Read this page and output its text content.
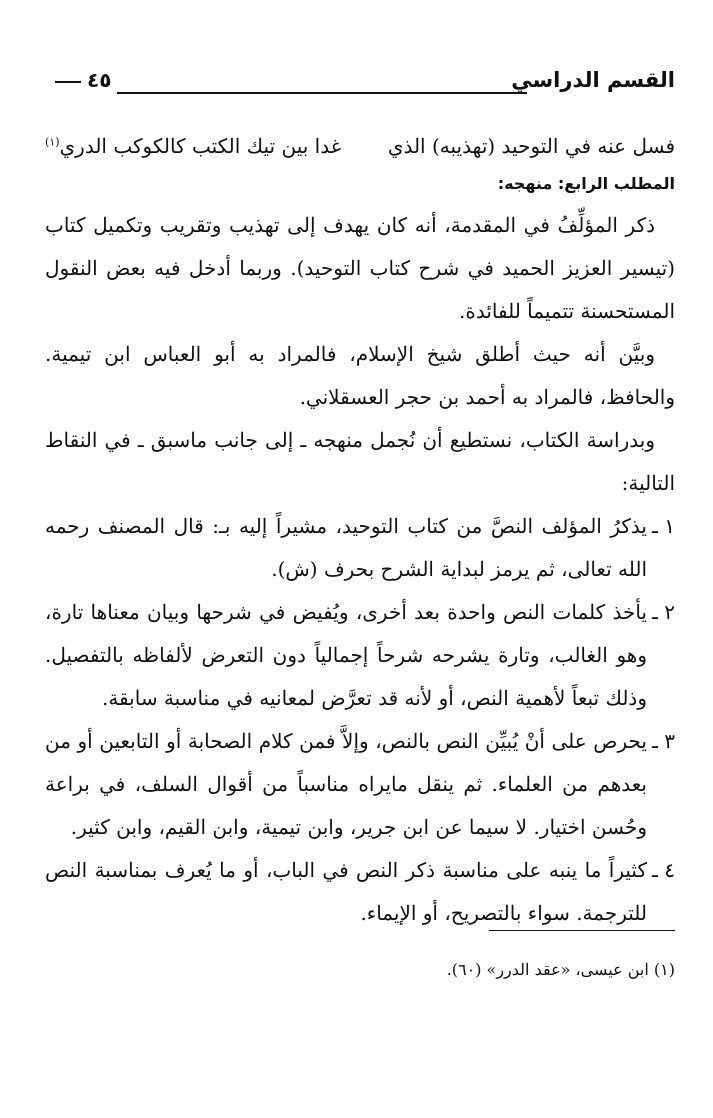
القسم الدراسي
٤٥
فسل عنه في التوحيد (تهذيبه) الذي
غدا بين تيك الكتب كالكوكب الدري$^{(١)}$
المطلب الرابع: منهجه:

ذكر المؤلِّفُ في المقدمة، أنه كان يهدف إلى تهذيب وتقريب وتكميل كتاب (تيسير العزيز الحميد في شرح كتاب التوحيد). وربما أدخل فيه بعض النقول المستحسنة تتميماً للفائدة.

وبيَّن أنه حيث أطلق شيخ الإسلام، فالمراد به أبو العباس ابن تيمية. والحافظ، فالمراد به أحمد بن حجر العسقلاني.

وبدراسة الكتاب، نستطيع أن نُجمل منهجه ـ إلى جانب ماسبق ـ في النقاط التالية:

١ ـيذكرُ المؤلف النصَّ من كتاب التوحيد، مشيراً إليه بـ: قال المصنف رحمه الله تعالى، ثم يرمز لبداية الشرح بحرف (ش).

٢ ـيأخذ كلمات النص واحدة بعد أخرى، ويُفيض في شرحها وبيان معناها تارة، وهو الغالب، وتارة يشرحه شرحاً إجمالياً دون التعرض لألفاظه بالتفصيل. وذلك تبعاً لأهمية النص، أو لأنه قد تعرَّض لمعانيه في مناسبة سابقة.

٣ ـيحرص على أنْ يُبيِّن النص بالنص، وإلاَّ فمن كلام الصحابة أو التابعين أو من بعدهم من العلماء. ثم ينقل مايراه مناسباً من أقوال السلف، في براعة وحُسن اختيار. لا سيما عن ابن جرير، وابن تيمية، وابن القيم، وابن كثير.

٤ ـكثيراً ما ينبه على مناسبة ذكر النص في الباب، أو ما يُعرف بمناسبة النص للترجمة. سواء بالتصريح، أو الإيماء.

(١) ابن عيسى، «عقد الدرر» (٦٠).
